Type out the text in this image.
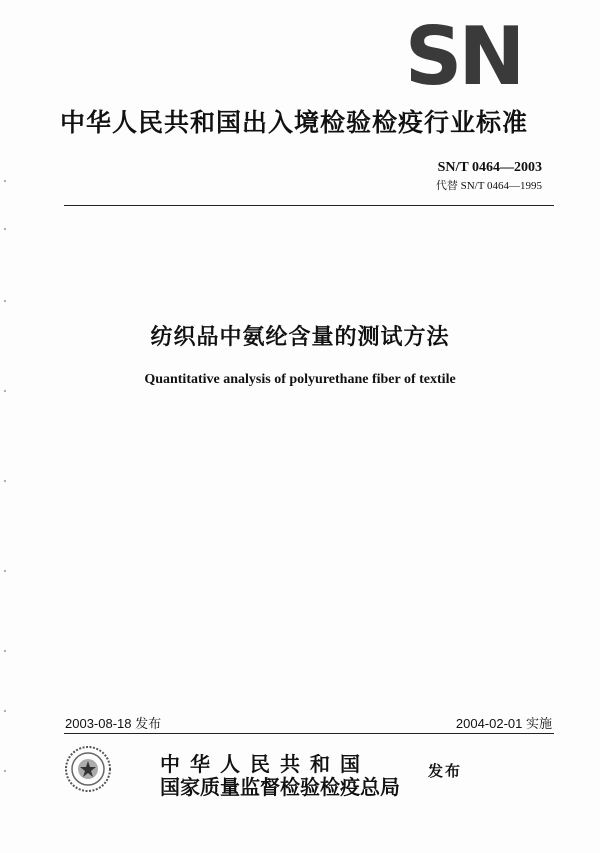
SN
中华人民共和国出入境检验检疫行业标准
SN/T 0464—2003
代替 SN/T 0464—1995
纺织品中氨纶含量的测试方法
Quantitative analysis of polyurethane fiber of textile
2003-08-18 发布	2004-02-01 实施
中华人民共和国
国家质量监督检验检疫总局
发布
